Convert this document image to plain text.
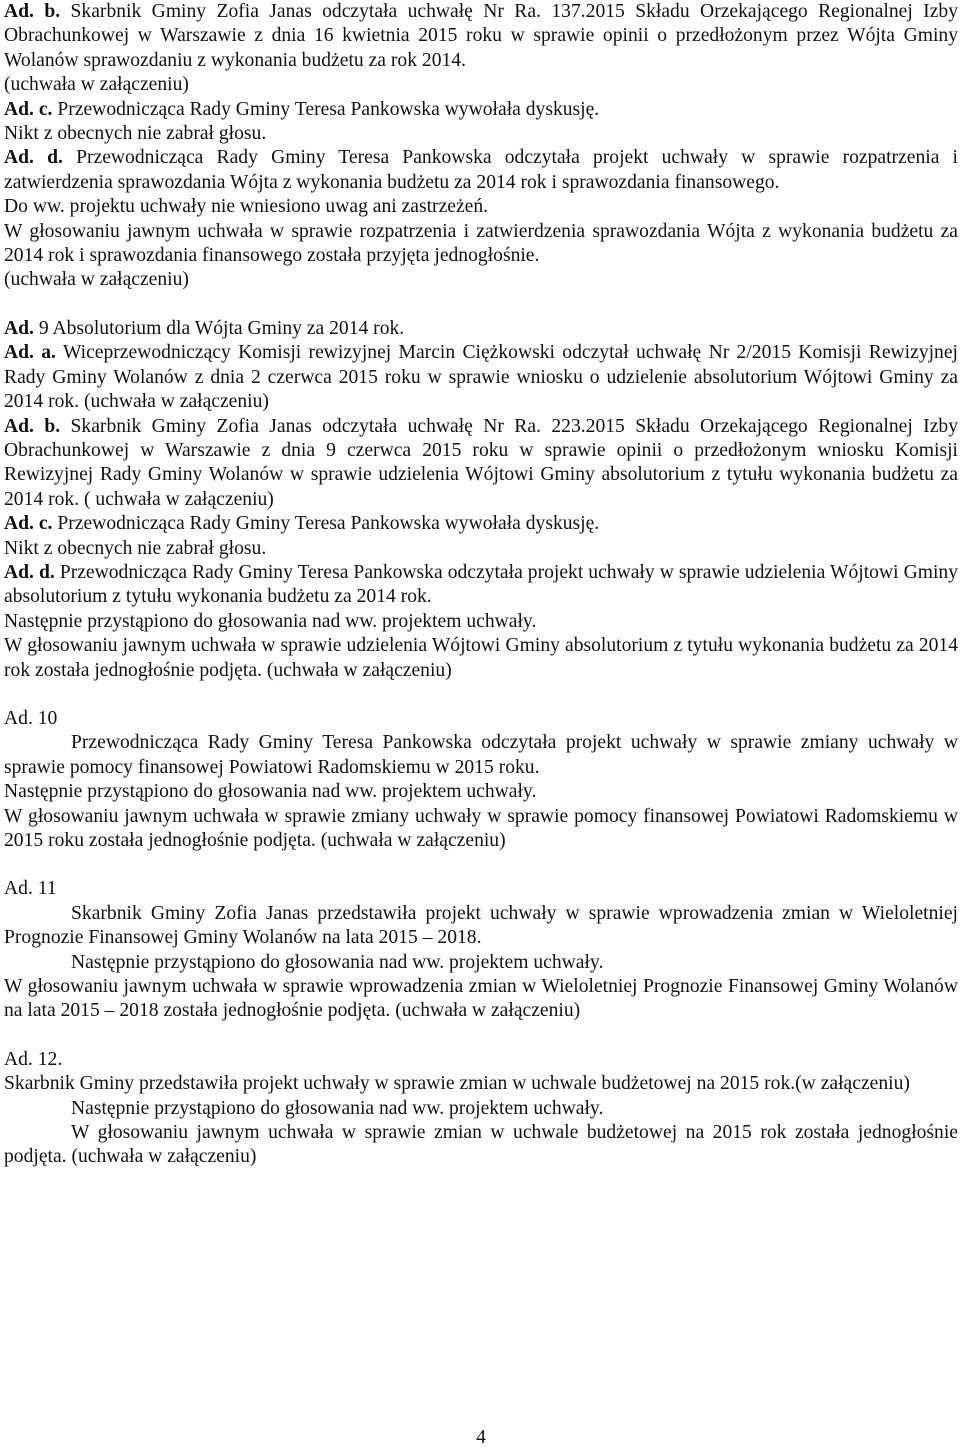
Ad. b. Skarbnik Gminy Zofia Janas odczytała uchwałę Nr Ra. 137.2015 Składu Orzekającego Regionalnej Izby Obrachunkowej w Warszawie z dnia 16 kwietnia 2015 roku w sprawie opinii o przedłożonym przez Wójta Gminy Wolanów sprawozdaniu z wykonania budżetu za rok 2014.

(uchwała w załączeniu)

Ad. c. Przewodnicząca Rady Gminy Teresa Pankowska wywołała dyskusję.

Nikt z obecnych nie zabrał głosu.

Ad. d. Przewodnicząca Rady Gminy Teresa Pankowska odczytała projekt uchwały w sprawie rozpatrzenia i zatwierdzenia sprawozdania Wójta z wykonania budżetu za 2014 rok i sprawozdania finansowego.

Do ww. projektu uchwały nie wniesiono uwag ani zastrzeżeń.

W głosowaniu jawnym uchwała w sprawie rozpatrzenia i zatwierdzenia sprawozdania Wójta z wykonania budżetu za 2014 rok i sprawozdania finansowego została przyjęta jednogłośnie.

(uchwała w załączeniu)

Ad. 9 Absolutorium dla Wójta Gminy za 2014 rok.

Ad. a. Wiceprzewodniczący Komisji rewizyjnej Marcin Ciężkowski odczytał uchwałę Nr 2/2015 Komisji Rewizyjnej Rady Gminy Wolanów z dnia 2 czerwca 2015 roku w sprawie wniosku o udzielenie absolutorium Wójtowi Gminy za 2014 rok. (uchwała w załączeniu)

Ad. b. Skarbnik Gminy Zofia Janas odczytała uchwałę Nr Ra. 223.2015 Składu Orzekającego Regionalnej Izby Obrachunkowej w Warszawie z dnia 9 czerwca 2015 roku w sprawie opinii o przedłożonym wniosku Komisji Rewizyjnej Rady Gminy Wolanów w sprawie udzielenia Wójtowi Gminy absolutorium z tytułu wykonania budżetu za 2014 rok. ( uchwała w załączeniu)

Ad. c. Przewodnicząca Rady Gminy Teresa Pankowska wywołała dyskusję.

Nikt z obecnych nie zabrał głosu.

Ad. d. Przewodnicząca Rady Gminy Teresa Pankowska odczytała projekt uchwały w sprawie udzielenia Wójtowi Gminy absolutorium z tytułu wykonania budżetu za 2014 rok.

Następnie przystąpiono do głosowania nad ww. projektem uchwały.

W głosowaniu jawnym uchwała w sprawie udzielenia Wójtowi Gminy absolutorium z tytułu wykonania budżetu za 2014 rok została jednogłośnie podjęta. (uchwała w załączeniu)

Ad. 10

Przewodnicząca Rady Gminy Teresa Pankowska odczytała projekt uchwały w sprawie zmiany uchwały w sprawie pomocy finansowej Powiatowi Radomskiemu w 2015 roku.

Następnie przystąpiono do głosowania nad ww. projektem uchwały.

W głosowaniu jawnym uchwała w sprawie zmiany uchwały w sprawie pomocy finansowej Powiatowi Radomskiemu w 2015 roku została jednogłośnie podjęta. (uchwała w załączeniu)

Ad. 11

Skarbnik Gminy Zofia Janas przedstawiła projekt uchwały w sprawie wprowadzenia zmian w Wieloletniej Prognozie Finansowej Gminy Wolanów na lata 2015 – 2018.

Następnie przystąpiono do głosowania nad ww. projektem uchwały.

W głosowaniu jawnym uchwała w sprawie wprowadzenia zmian w Wieloletniej Prognozie Finansowej Gminy Wolanów na lata 2015 – 2018 została jednogłośnie podjęta. (uchwała w załączeniu)

Ad. 12.

Skarbnik Gminy przedstawiła projekt uchwały w sprawie zmian w uchwale budżetowej na 2015 rok.(w załączeniu)

Następnie przystąpiono do głosowania nad ww. projektem uchwały.

W głosowaniu jawnym uchwała w sprawie zmian w uchwale budżetowej na 2015 rok została jednogłośnie podjęta. (uchwała w załączeniu)

4
